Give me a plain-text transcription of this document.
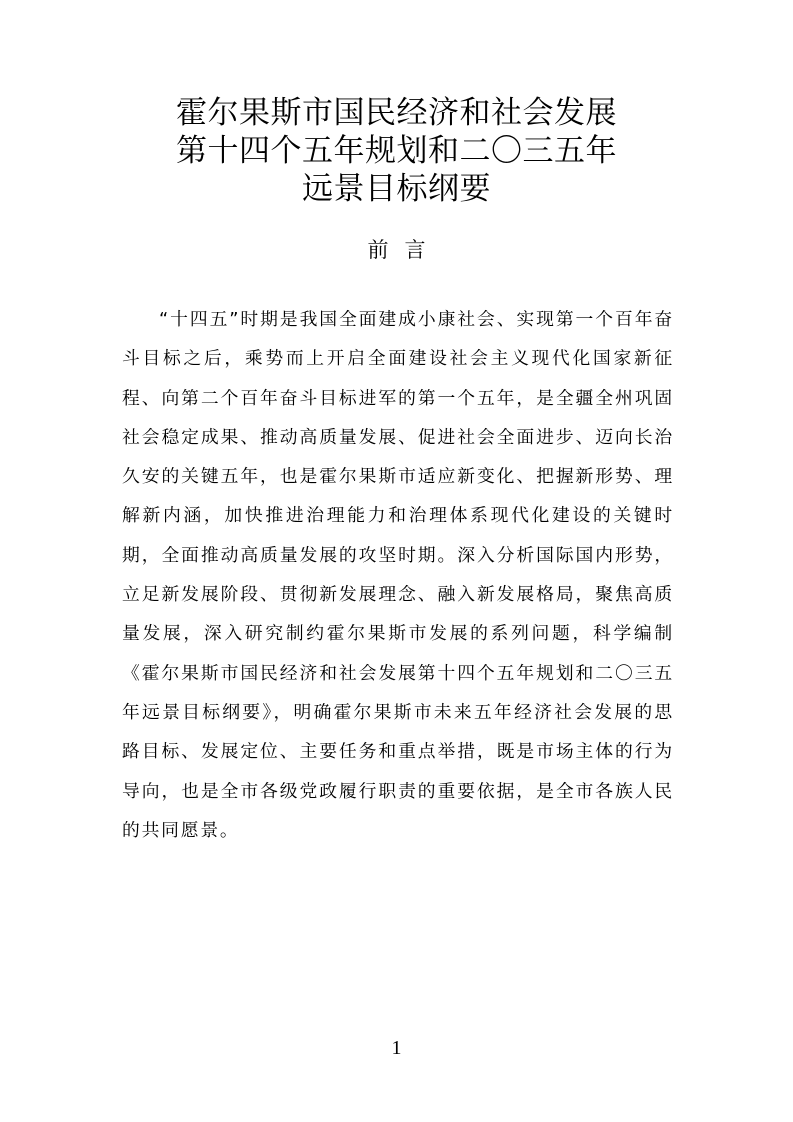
霍尔果斯市国民经济和社会发展
第十四个五年规划和二〇三五年
远景目标纲要
前言

“十四五”时期是我国全面建成小康社会、实现第一个百年奋斗目标之后，乘势而上开启全面建设社会主义现代化国家新征程、向第二个百年奋斗目标进军的第一个五年，是全疆全州巩固社会稳定成果、推动高质量发展、促进社会全面进步、迈向长治久安的关键五年，也是霍尔果斯市适应新变化、把握新形势、理解新内涵，加快推进治理能力和治理体系现代化建设的关键时期，全面推动高质量发展的攻坚时期。深入分析国际国内形势，立足新发展阶段、贯彻新发展理念、融入新发展格局，聚焦高质量发展，深入研究制约霍尔果斯市发展的系列问题，科学编制《霍尔果斯市国民经济和社会发展第十四个五年规划和二〇三五年远景目标纲要》，明确霍尔果斯市未来五年经济社会发展的思路目标、发展定位、主要任务和重点举措，既是市场主体的行为导向，也是全市各级党政履行职责的重要依据，是全市各族人民的共同愿景。

1
